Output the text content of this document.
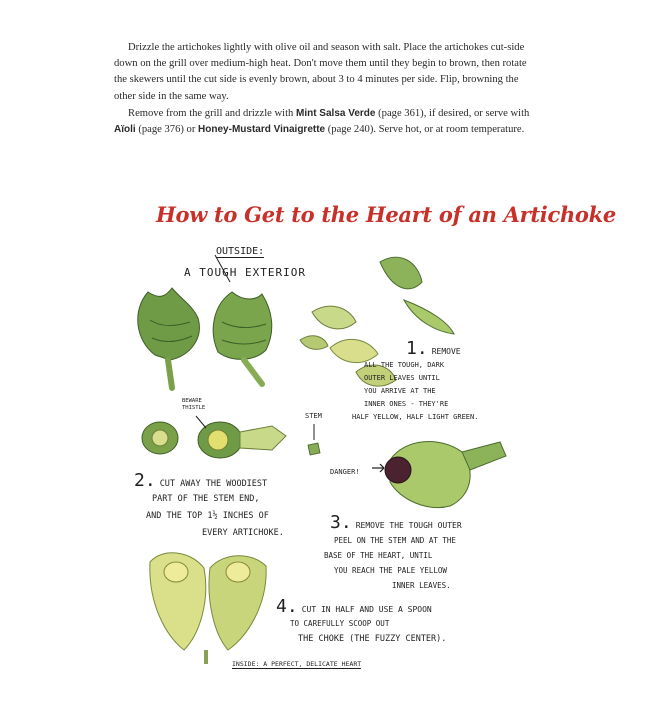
Drizzle the artichokes lightly with olive oil and season with salt. Place the artichokes cut-side down on the grill over medium-high heat. Don't move them until they begin to brown, then rotate the skewers until the cut side is evenly brown, about 3 to 4 minutes per side. Flip, browning the other side in the same way.

Remove from the grill and drizzle with Mint Salsa Verde (page 361), if desired, or serve with Aïoli (page 376) or Honey-Mustard Vinaigrette (page 240). Serve hot, or at room temperature.

How to Get to the Heart of an Artichoke
OUTSIDE:
A TOUGH EXTERIOR
BEWARE THISTLE
STEM
DANGER!
1. REMOVE
ALL THE TOUGH, DARK
OUTER LEAVES UNTIL
YOU ARRIVE AT THE
INNER ONES - THEY'RE
HALF YELLOW, HALF LIGHT GREEN.
2. CUT AWAY THE WOODIEST
PART OF THE STEM END,
AND THE TOP 1½ INCHES OF
EVERY ARTICHOKE.	3. REMOVE THE TOUGH OUTER
PEEL ON THE STEM AND AT THE
BASE OF THE HEART, UNTIL
YOU REACH THE PALE YELLOW
INNER LEAVES.
4. CUT IN HALF AND USE A SPOON
TO CAREFULLY SCOOP OUT
THE CHOKE (THE FUZZY CENTER).
INSIDE: A PERFECT, DELICATE HEART
